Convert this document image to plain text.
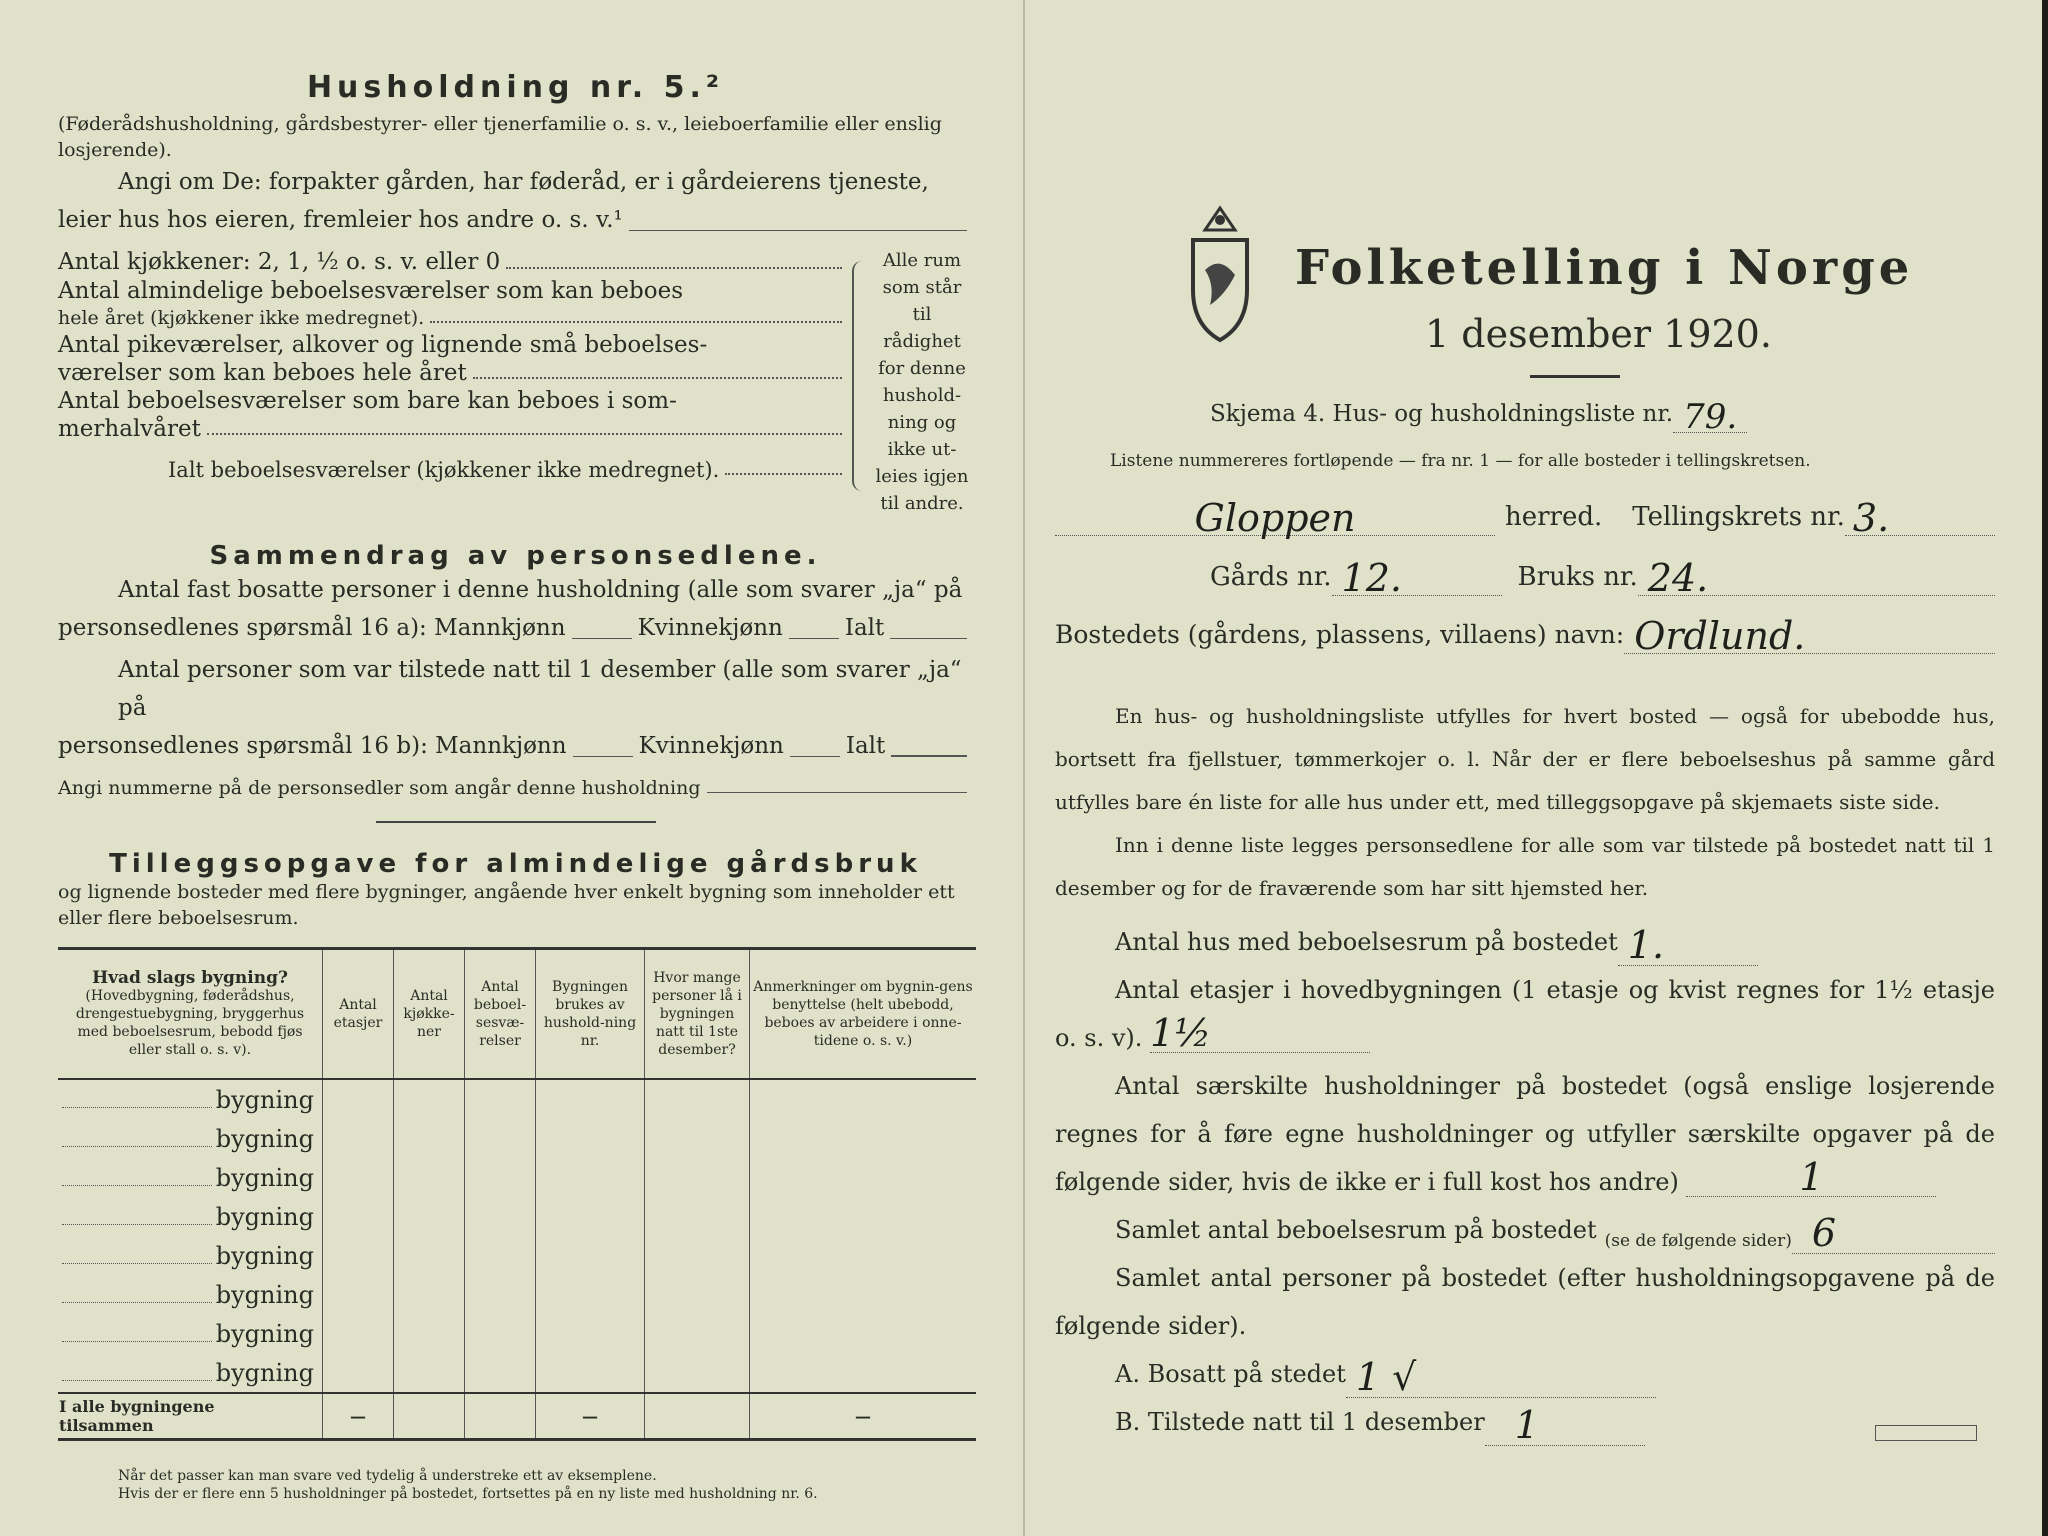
Husholdning nr. 5.²
(Føderådshusholdning, gårdsbestyrer- eller tjenerfamilie o. s. v., leieboerfamilie eller enslig losjerende).
Angi om De: forpakter gården, har føderåd, er i gårdeierens tjeneste,
leier hus hos eieren, fremleier hos andre o. s. v.¹
Antal kjøkkener: 2, 1, ½ o. s. v. eller 0
Antal almindelige beboelsesværelser som kan beboes
hele året (kjøkkener ikke medregnet).
Antal pikeværelser, alkover og lignende små beboelses-
værelser som kan beboes hele året
Antal beboelsesværelser som bare kan beboes i som-
merhalvåret
Ialt beboelsesværelser (kjøkkener ikke medregnet).
Alle rum
som står til
rådighet
for denne
hushold-
ning og
ikke ut-
leies igjen
til andre.
Sammendrag av personsedlene.
Antal fast bosatte personer i denne husholdning (alle som svarer „ja“ på
personsedlenes spørsmål 16 a): Mannkjønn	Kvinnekjønn	Ialt
Antal personer som var tilstede natt til 1 desember (alle som svarer „ja“ på
personsedlenes spørsmål 16 b): Mannkjønn	Kvinnekjønn	Ialt
Angi nummerne på de personsedler som angår denne husholdning
Tilleggsopgave for almindelige gårdsbruk
og lignende bosteder med flere bygninger, angående hver enkelt bygning som inneholder ett eller flere beboelsesrum.
Hvad slags bygning?
(Hovedbygning, føderådshus, drengestuebygning, bryggerhus med beboelsesrum, bebodd fjøs eller stall o. s. v).	Antal etasjer	Antal kjøkke-ner	Antal beboel-sesvæ-relser	Bygningen brukes av hushold-ning nr.	Hvor mange personer lå i bygningen natt til 1ste desember?	Anmerkninger om bygnin-gens benyttelse (helt ubebodd, beboes av arbeidere i onne-tidene o. s. v.)
bygning						
bygning						
bygning						
bygning						
bygning						
bygning						
bygning						
bygning						
I alle bygningene tilsammen	—			—		—
Når det passer kan man svare ved tydelig å understreke ett av eksemplene.
Hvis der er flere enn 5 husholdninger på bostedet, fortsettes på en ny liste med husholdning nr. 6.
Folketelling i Norge
1 desember 1920.
Skjema 4. Hus- og husholdningsliste nr. 79.
Listene nummereres fortløpende — fra nr. 1 — for alle bosteder i tellingskretsen.
Gloppen	herred. Tellingskrets nr. 3.
Gårds nr. 12.	Bruks nr. 24.
Bostedets (gårdens, plassens, villaens) navn: Ordlund.
En hus- og husholdningsliste utfylles for hvert bosted — også for ubebodde hus, bortsett fra fjellstuer, tømmerkojer o. l. Når der er flere beboelseshus på samme gård utfylles bare én liste for alle hus under ett, med tilleggsopgave på skjemaets siste side.
Inn i denne liste legges personsedlene for alle som var tilstede på bostedet natt til 1 desember og for de fraværende som har sitt hjemsted her.
Antal hus med beboelsesrum på bostedet 1.
Antal etasjer i hovedbygningen (1 etasje og kvist regnes for 1½ etasje o. s. v). 1½
Antal særskilte husholdninger på bostedet (også enslige losjerende regnes for å føre egne husholdninger og utfyller særskilte opgaver på de følgende sider, hvis de ikke er i full kost hos andre)	1
Samlet antal beboelsesrum på bostedet (se de følgende sider) 6
Samlet antal personer på bostedet (efter husholdningsopgavene på de følgende sider).
A. Bosatt på stedet 1 √
B. Tilstede natt til 1 desember 1
